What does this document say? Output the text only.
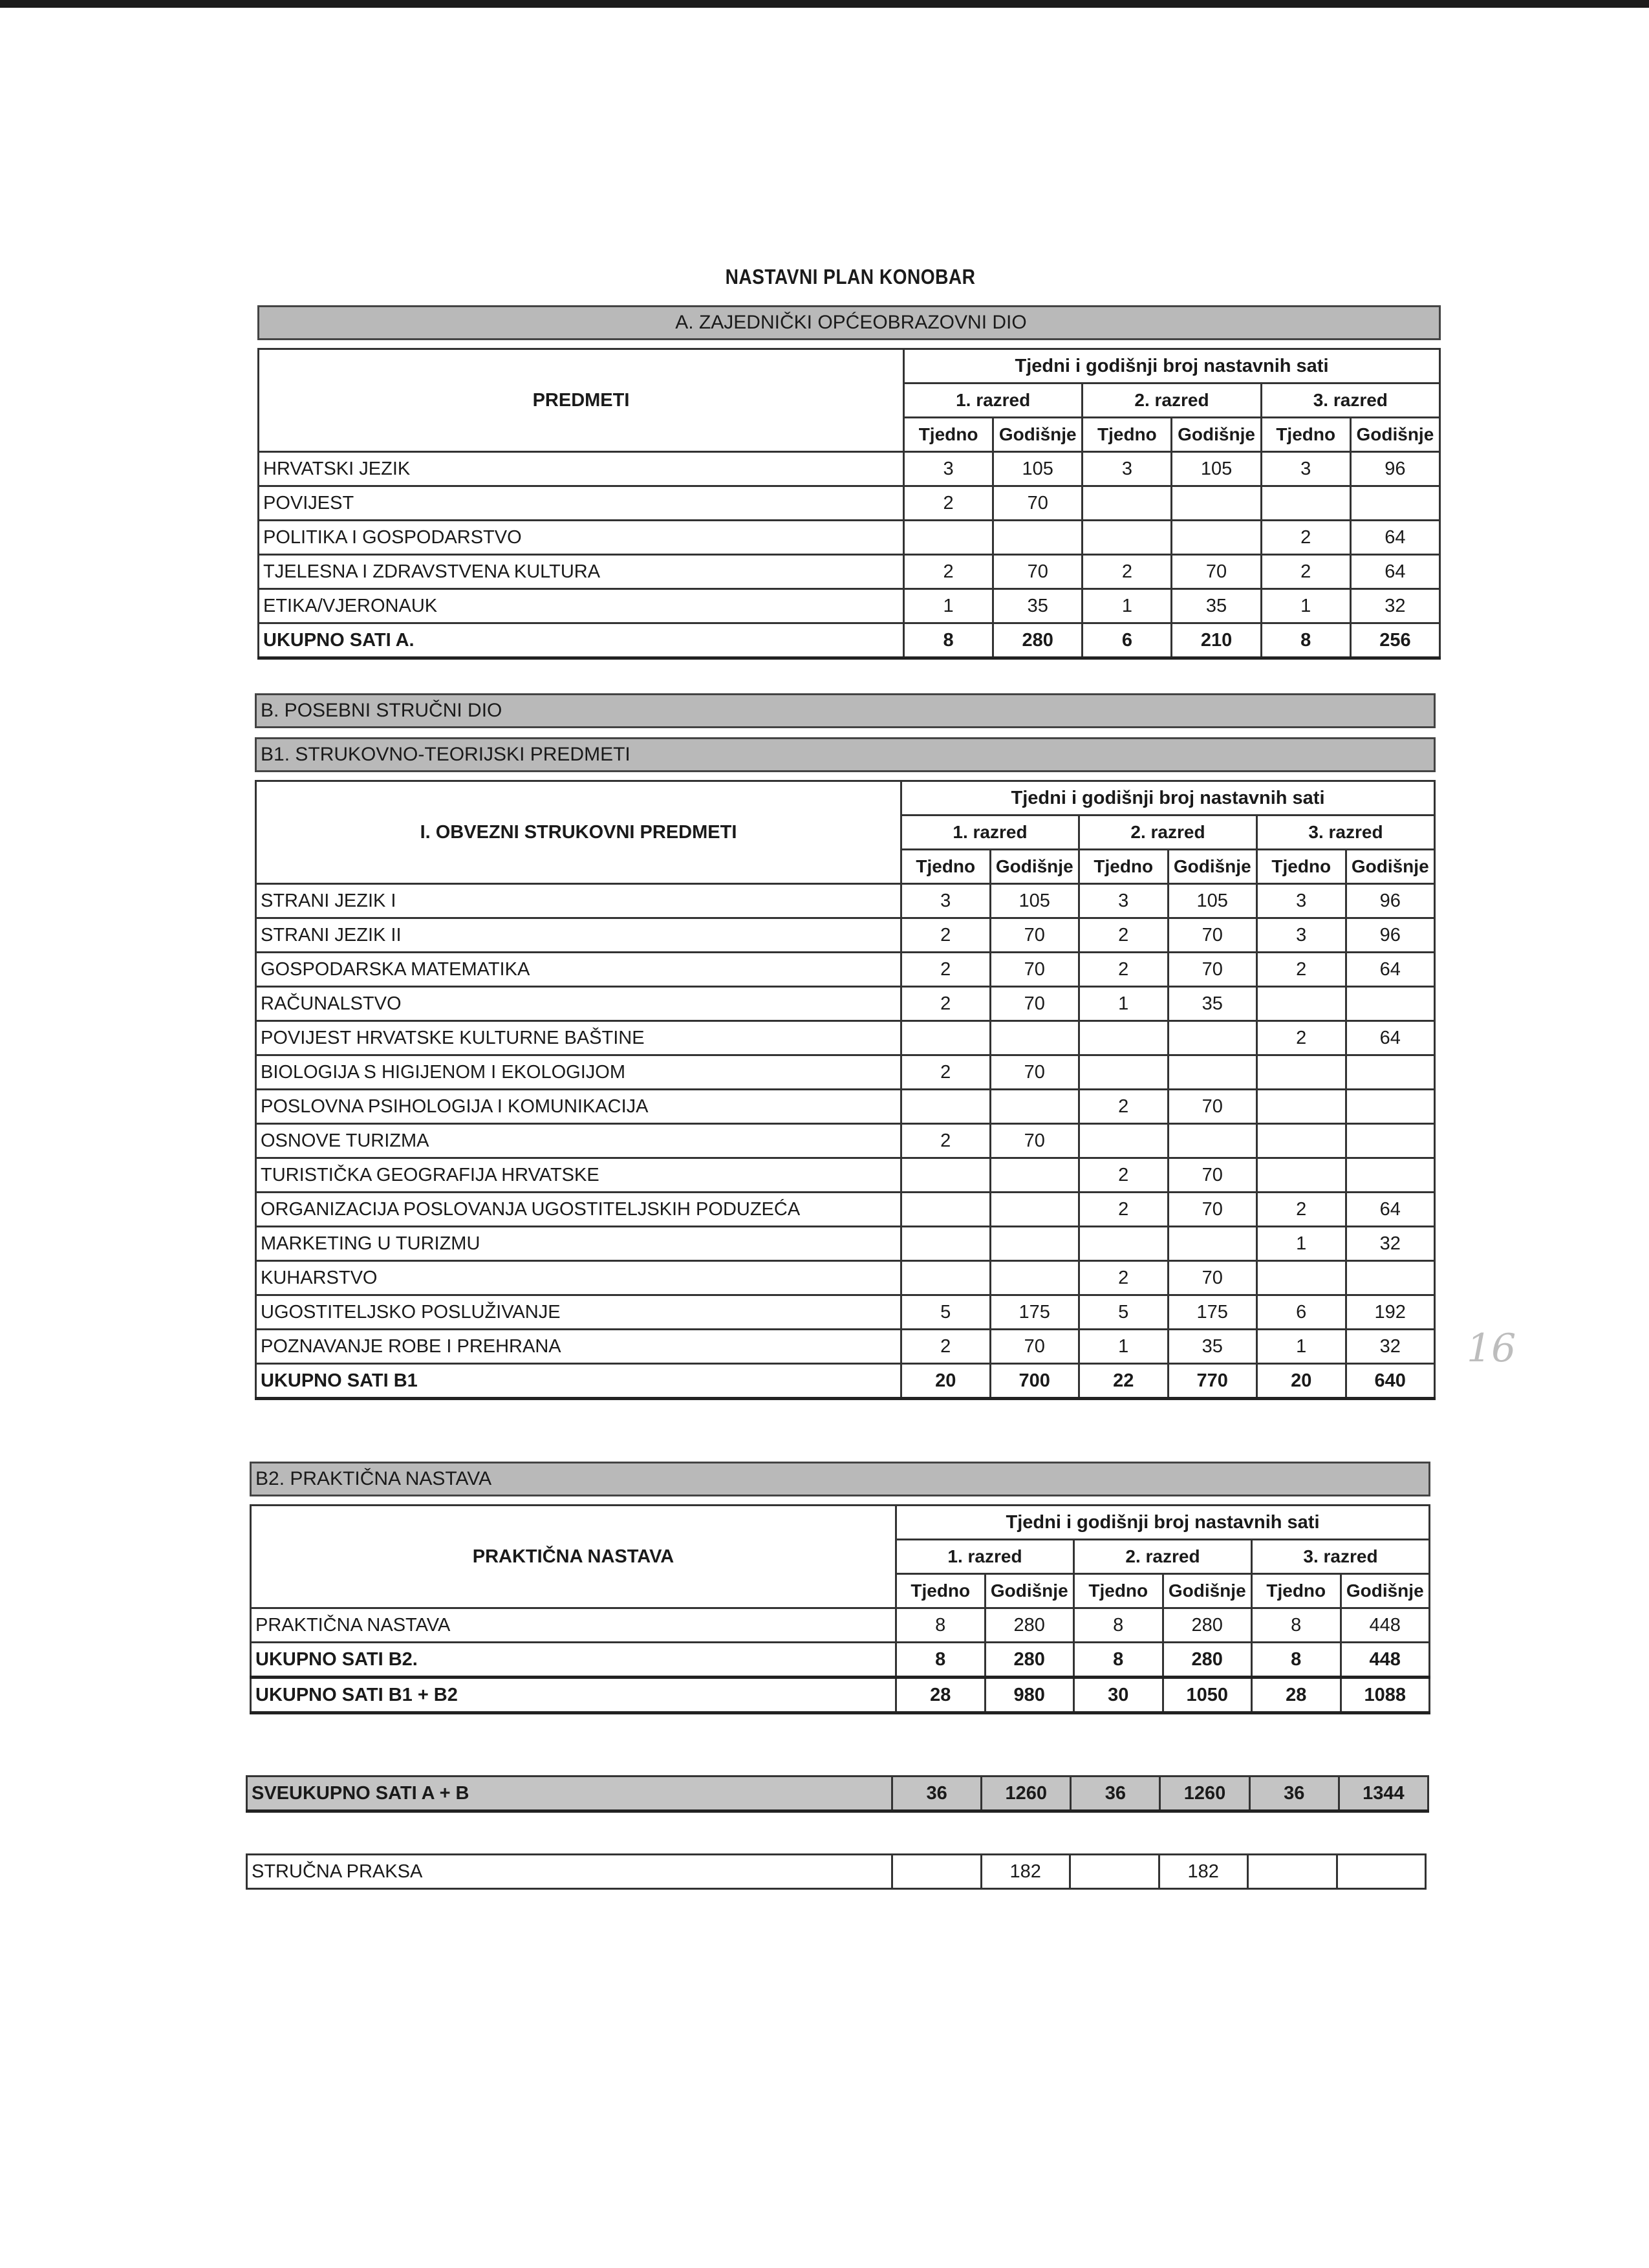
NASTAVNI PLAN KONOBAR
A. ZAJEDNIČKI OPĆEOBRAZOVNI DIO
PREDMETI	Tjedni i godišnji broj nastavnih sati					
	1. razred		2. razred		3. razred	
	Tjedno	Godišnje	Tjedno	Godišnje	Tjedno	Godišnje
HRVATSKI JEZIK	3	105	3	105	3	96
POVIJEST	2	70				
POLITIKA I GOSPODARSTVO					2	64
TJELESNA I ZDRAVSTVENA KULTURA	2	70	2	70	2	64
ETIKA/VJERONAUK	1	35	1	35	1	32
UKUPNO SATI A.	8	280	6	210	8	256
B. POSEBNI STRUČNI DIO
B1. STRUKOVNO-TEORIJSKI PREDMETI
I. OBVEZNI STRUKOVNI PREDMETI	Tjedni i godišnji broj nastavnih sati					
	1. razred		2. razred		3. razred	
	Tjedno	Godišnje	Tjedno	Godišnje	Tjedno	Godišnje
STRANI JEZIK I	3	105	3	105	3	96
STRANI JEZIK II	2	70	2	70	3	96
GOSPODARSKA MATEMATIKA	2	70	2	70	2	64
RAČUNALSTVO	2	70	1	35		
POVIJEST HRVATSKE KULTURNE BAŠTINE					2	64
BIOLOGIJA S HIGIJENOM I EKOLOGIJOM	2	70				
POSLOVNA PSIHOLOGIJA I KOMUNIKACIJA			2	70		
OSNOVE TURIZMA	2	70				
TURISTIČKA GEOGRAFIJA HRVATSKE			2	70		
ORGANIZACIJA POSLOVANJA UGOSTITELJSKIH PODUZEĆA			2	70	2	64
MARKETING U TURIZMU					1	32
KUHARSTVO			2	70		
UGOSTITELJSKO POSLUŽIVANJE	5	175	5	175	6	192
POZNAVANJE ROBE I PREHRANA	2	70	1	35	1	32
UKUPNO SATI B1	20	700	22	770	20	640
B2. PRAKTIČNA NASTAVA
PRAKTIČNA NASTAVA	Tjedni i godišnji broj nastavnih sati					
	1. razred		2. razred		3. razred	
	Tjedno	Godišnje	Tjedno	Godišnje	Tjedno	Godišnje
PRAKTIČNA NASTAVA	8	280	8	280	8	448
UKUPNO SATI B2.	8	280	8	280	8	448
UKUPNO SATI B1 + B2	28	980	30	1050	28	1088
SVEUKUPNO SATI A + B	36	1260	36	1260	36	1344
STRUČNA PRAKSA		182		182		
16
